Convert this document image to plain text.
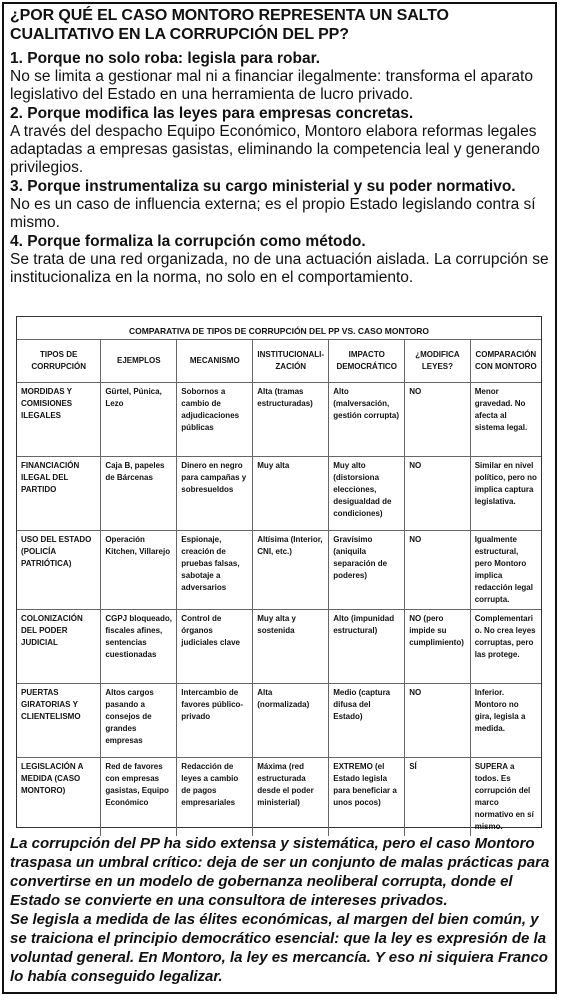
¿POR QUÉ EL CASO MONTORO REPRESENTA UN SALTO CUALITATIVO EN LA CORRUPCIÓN DEL PP?

1. Porque no solo roba: legisla para robar.

No se limita a gestionar mal ni a financiar ilegalmente: transforma el aparato legislativo del Estado en una herramienta de lucro privado.

2. Porque modifica las leyes para empresas concretas.

A través del despacho Equipo Económico, Montoro elabora reformas legales adaptadas a empresas gasistas, eliminando la competencia leal y generando privilegios.

3. Porque instrumentaliza su cargo ministerial y su poder normativo.

No es un caso de influencia externa; es el propio Estado legislando contra sí mismo.

4. Porque formaliza la corrupción como método.

Se trata de una red organizada, no de una actuación aislada. La corrupción se institucionaliza en la norma, no solo en el comportamiento.

COMPARATIVA DE TIPOS DE CORRUPCIÓN DEL PP VS. CASO MONTORO
TIPOS DE CORRUPCIÓN	EJEMPLOS	MECANISMO	INSTITUCIONALI-ZACIÓN	IMPACTO DEMOCRÁTICO	¿MODIFICA LEYES?	COMPARACIÓN CON MONTORO
MORDIDAS Y COMISIONES ILEGALES	Gürtel, Púnica, Lezo	Sobornos a cambio de adjudicaciones públicas	Alta (tramas estructuradas)	Alto (malversación, gestión corrupta)	NO	Menor gravedad. No afecta al sistema legal.
FINANCIACIÓN ILEGAL DEL PARTIDO	Caja B, papeles de Bárcenas	Dinero en negro para campañas y sobresueldos	Muy alta	Muy alto (distorsiona elecciones, desigualdad de condiciones)	NO	Similar en nivel político, pero no implica captura legislativa.
USO DEL ESTADO (POLICÍA PATRIÓTICA)	Operación Kitchen, Villarejo	Espionaje, creación de pruebas falsas, sabotaje a adversarios	Altísima (Interior, CNI, etc.)	Gravísimo (aniquila separación de poderes)	NO	Igualmente estructural, pero Montoro implica redacción legal corrupta.
COLONIZACIÓN DEL PODER JUDICIAL	CGPJ bloqueado, fiscales afines, sentencias cuestionadas	Control de órganos judiciales clave	Muy alta y sostenida	Alto (impunidad estructural)	NO (pero impide su cumplimiento)	Complementario. No crea leyes corruptas, pero las protege.
PUERTAS GIRATORIAS Y CLIENTELISMO	Altos cargos pasando a consejos de grandes empresas	Intercambio de favores público-privado	Alta (normalizada)	Medio (captura difusa del Estado)	NO	Inferior. Montoro no gira, legisla a medida.
LEGISLACIÓN A MEDIDA (CASO MONTORO)	Red de favores con empresas gasistas, Equipo Económico	Redacción de leyes a cambio de pagos empresariales	Máxima (red estructurada desde el poder ministerial)	EXTREMO (el Estado legisla para beneficiar a unos pocos)	SÍ	SUPERA a todos. Es corrupción del marco normativo en sí mismo.

La corrupción del PP ha sido extensa y sistemática, pero el caso Montoro traspasa un umbral crítico: deja de ser un conjunto de malas prácticas para convertirse en un modelo de gobernanza neoliberal corrupta, donde el Estado se convierte en una consultora de intereses privados.

Se legisla a medida de las élites económicas, al margen del bien común, y se traiciona el principio democrático esencial: que la ley es expresión de la voluntad general. En Montoro, la ley es mercancía. Y eso ni siquiera Franco lo había conseguido legalizar.
